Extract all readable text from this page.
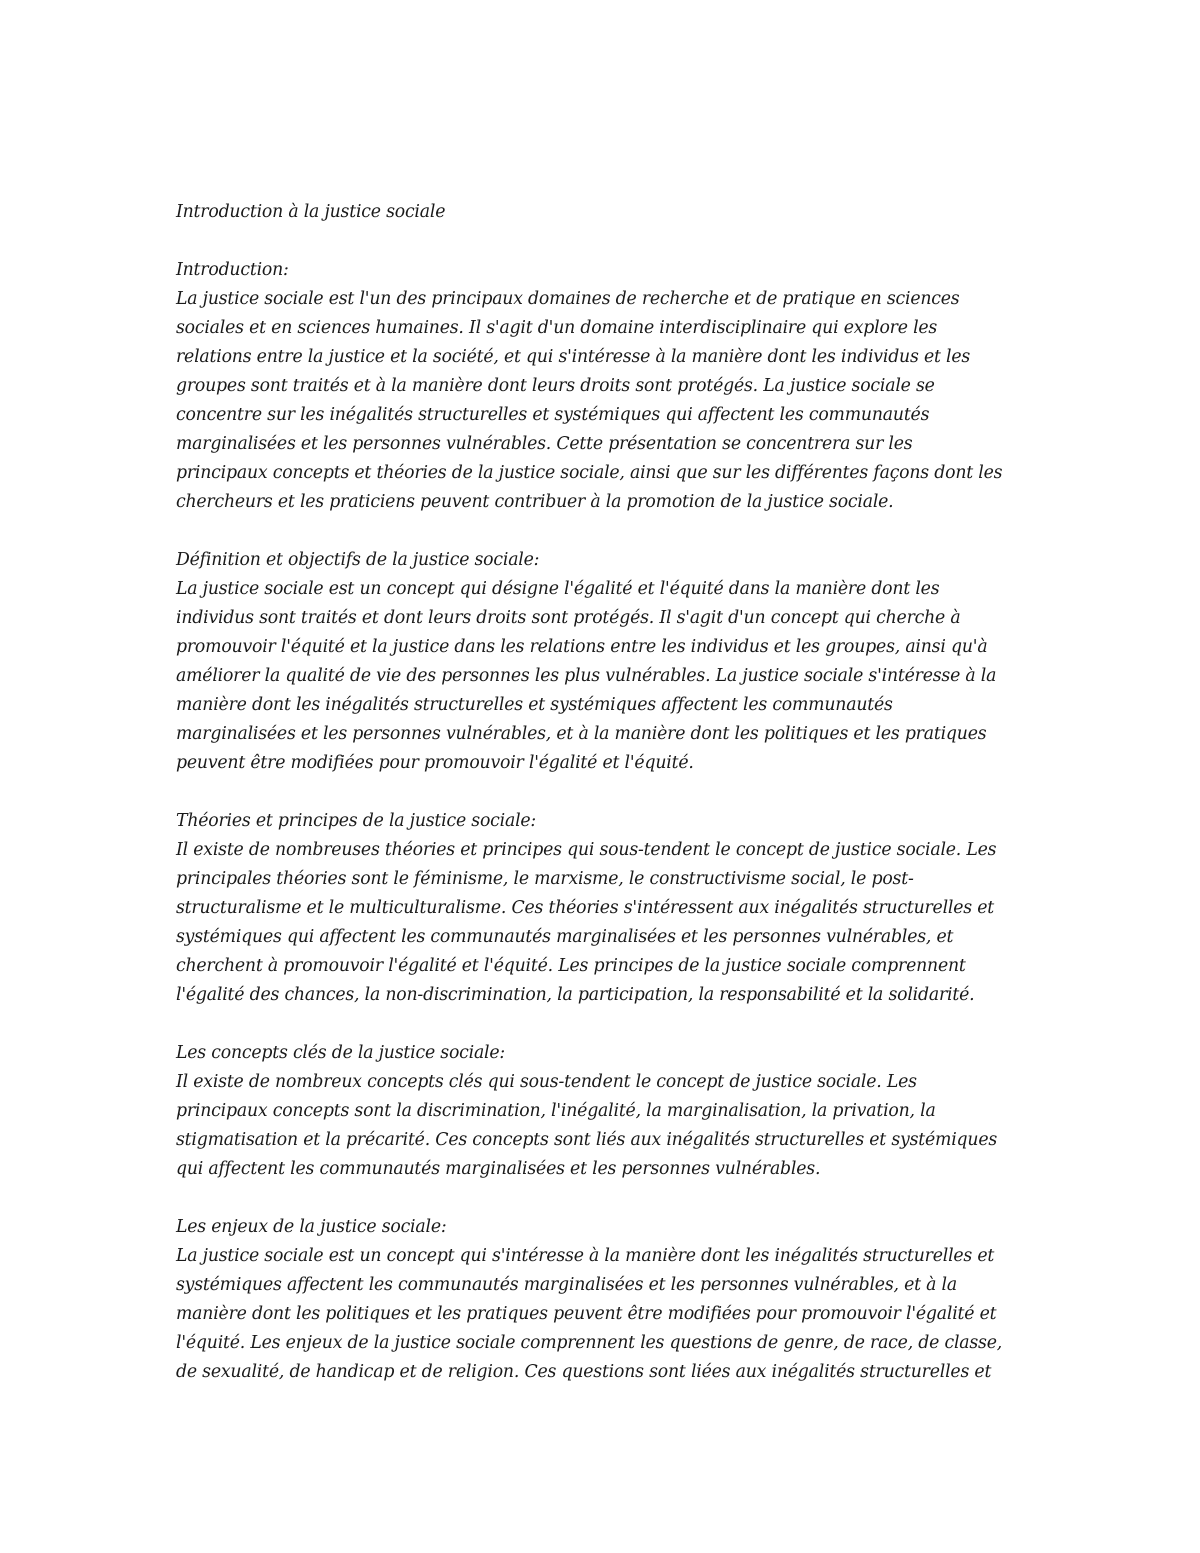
Introduction à la justice sociale
Introduction:
La justice sociale est l'un des principaux domaines de recherche et de pratique en sciences
sociales et en sciences humaines. Il s'agit d'un domaine interdisciplinaire qui explore les
relations entre la justice et la société, et qui s'intéresse à la manière dont les individus et les
groupes sont traités et à la manière dont leurs droits sont protégés. La justice sociale se
concentre sur les inégalités structurelles et systémiques qui affectent les communautés
marginalisées et les personnes vulnérables. Cette présentation se concentrera sur les
principaux concepts et théories de la justice sociale, ainsi que sur les différentes façons dont les
chercheurs et les praticiens peuvent contribuer à la promotion de la justice sociale.
Définition et objectifs de la justice sociale:
La justice sociale est un concept qui désigne l'égalité et l'équité dans la manière dont les
individus sont traités et dont leurs droits sont protégés. Il s'agit d'un concept qui cherche à
promouvoir l'équité et la justice dans les relations entre les individus et les groupes, ainsi qu'à
améliorer la qualité de vie des personnes les plus vulnérables. La justice sociale s'intéresse à la
manière dont les inégalités structurelles et systémiques affectent les communautés
marginalisées et les personnes vulnérables, et à la manière dont les politiques et les pratiques
peuvent être modifiées pour promouvoir l'égalité et l'équité.
Théories et principes de la justice sociale:
Il existe de nombreuses théories et principes qui sous-tendent le concept de justice sociale. Les
principales théories sont le féminisme, le marxisme, le constructivisme social, le post-
structuralisme et le multiculturalisme. Ces théories s'intéressent aux inégalités structurelles et
systémiques qui affectent les communautés marginalisées et les personnes vulnérables, et
cherchent à promouvoir l'égalité et l'équité. Les principes de la justice sociale comprennent
l'égalité des chances, la non-discrimination, la participation, la responsabilité et la solidarité.
Les concepts clés de la justice sociale:
Il existe de nombreux concepts clés qui sous-tendent le concept de justice sociale. Les
principaux concepts sont la discrimination, l'inégalité, la marginalisation, la privation, la
stigmatisation et la précarité. Ces concepts sont liés aux inégalités structurelles et systémiques
qui affectent les communautés marginalisées et les personnes vulnérables.
Les enjeux de la justice sociale:
La justice sociale est un concept qui s'intéresse à la manière dont les inégalités structurelles et
systémiques affectent les communautés marginalisées et les personnes vulnérables, et à la
manière dont les politiques et les pratiques peuvent être modifiées pour promouvoir l'égalité et
l'équité. Les enjeux de la justice sociale comprennent les questions de genre, de race, de classe,
de sexualité, de handicap et de religion. Ces questions sont liées aux inégalités structurelles et
